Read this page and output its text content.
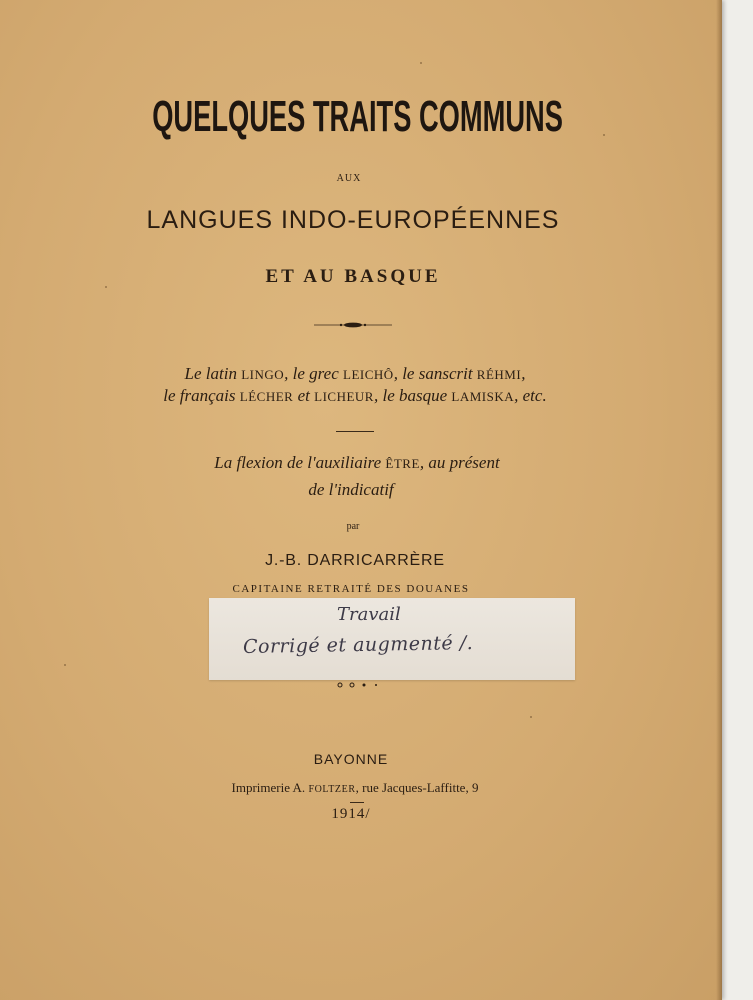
QUELQUES TRAITS COMMUNS
AUX
LANGUES INDO-EUROPÉENNES
ET AU BASQUE
Le latin LINGO, le grec LEICHÔ, le sanscrit RÉHMI,
le français LÉCHER et LICHEUR, le basque LAMISKA, etc.
La flexion de l'auxiliaire ÊTRE, au présent
de l'indicatif
par
J.-B. DARRICARRÈRE
CAPITAINE RETRAITÉ DES DOUANES
Travail
Corrigé et augmenté /.
BAYONNE
Imprimerie A. FOLTZER, rue Jacques-Laffitte, 9
1914/
